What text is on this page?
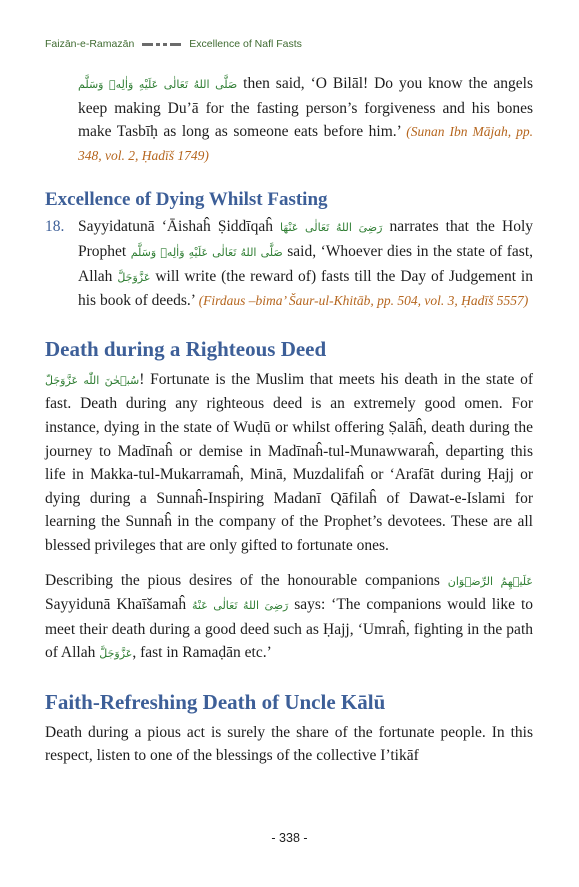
Faizān-e-Ramazān	Excellence of Nafl Fasts

صَلَّى اللهُ تَعَالٰى عَلَيْهِ وَاٰلِهٖ وَسَلَّم then said, ‘O Bilāl! Do you know the angels keep making Du’ā for the fasting person’s forgiveness and his bones make Tasbīḥ as long as someone eats before him.’ (Sunan Ibn Mājah, pp. 348, vol. 2, Ḥadīš 1749)

Excellence of Dying Whilst Fasting
18. Sayyidatunā ‘Āishaĥ Ṣiddīqaĥ رَضِیَ اللهُ تَعَالٰی عَنْهَا narrates that the Holy Prophet صَلَّى اللهُ تَعَالٰى عَلَيْهِ وَاٰلِهٖ وَسَلَّم said, ‘Whoever dies in the state of fast, Allah عَزَّوَجَلَّ will write (the reward of) fasts till the Day of Judgement in his book of deeds.’ (Firdaus –bima’ Šaur-ul-Khitāb, pp. 504, vol. 3, Ḥadīš 5557)

Death during a Righteous Deed

سُبۡحٰنَ اللّٰه عَزَّوَجَلّ! Fortunate is the Muslim that meets his death in the state of fast. Death during any righteous deed is an extremely good omen. For instance, dying in the state of Wuḍū or whilst offering Ṣalāĥ, death during the journey to Madīnaĥ or demise in Madīnaĥ-tul-Munawwaraĥ, departing this life in Makka-tul-Mukarramaĥ, Minā, Muzdalifaĥ or ‘Arafāt during Ḥajj or dying during a Sunnaĥ-Inspiring Madanī Qāfilaĥ of Dawat-e-Islami for learning the Sunnaĥ in the company of the Prophet’s devotees. These are all blessed privileges that are only gifted to fortunate ones.

Describing the pious desires of the honourable companions عَلَيۡهِمُ الرِّضۡوَان Sayyidunā Khaīšamaĥ رَضِیَ اللهُ تَعَالٰی عَنْهُ says: ‘The companions would like to meet their death during a good deed such as Ḥajj, ‘Umraĥ, fighting in the path of Allah عَزَّوَجَلَّ, fast in Ramaḍān etc.’

Faith-Refreshing Death of Uncle Kālū

Death during a pious act is surely the share of the fortunate people. In this respect, listen to one of the blessings of the collective I’tikāf

- 338 -
